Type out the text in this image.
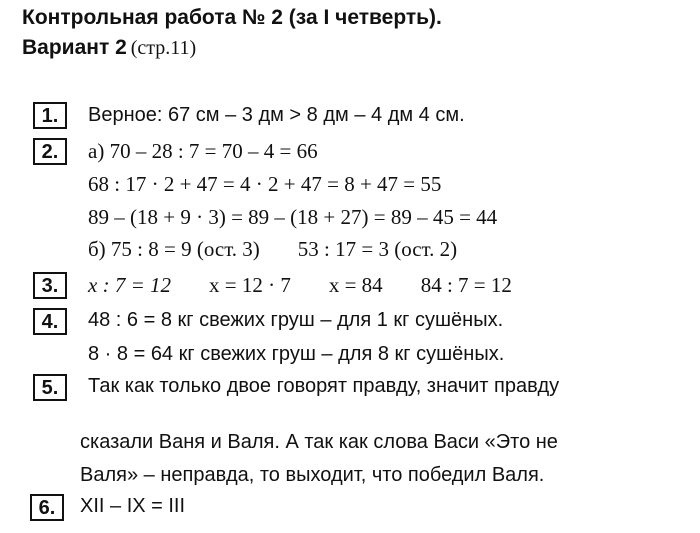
Контрольная работа № 2 (за I четверть).
Вариант 2 (стр.11)
1.	Верное: 67 см – 3 дм > 8 дм – 4 дм 4 см.
2.	а) 70 – 28 : 7 = 70 – 4 = 66
68 : 17 · 2 + 47 = 4 · 2 + 47 = 8 + 47 = 55
89 – (18 + 9 · 3) = 89 – (18 + 27) = 89 – 45 = 44
б) 75 : 8 = 9 (ост. 3) 53 : 17 = 3 (ост. 2)
3.	x : 7 = 12 x = 12 · 7 x = 84 84 : 7 = 12
4.	48 : 6 = 8 кг свежих груш – для 1 кг сушёных.
8 · 8 = 64 кг свежих груш – для 8 кг сушёных.
5.	Так как только двое говорят правду, значит правду
сказали Ваня и Валя. А так как слова Васи «Это не
Валя» – неправда, то выходит, что победил Валя.
6.	XII – IX = III
